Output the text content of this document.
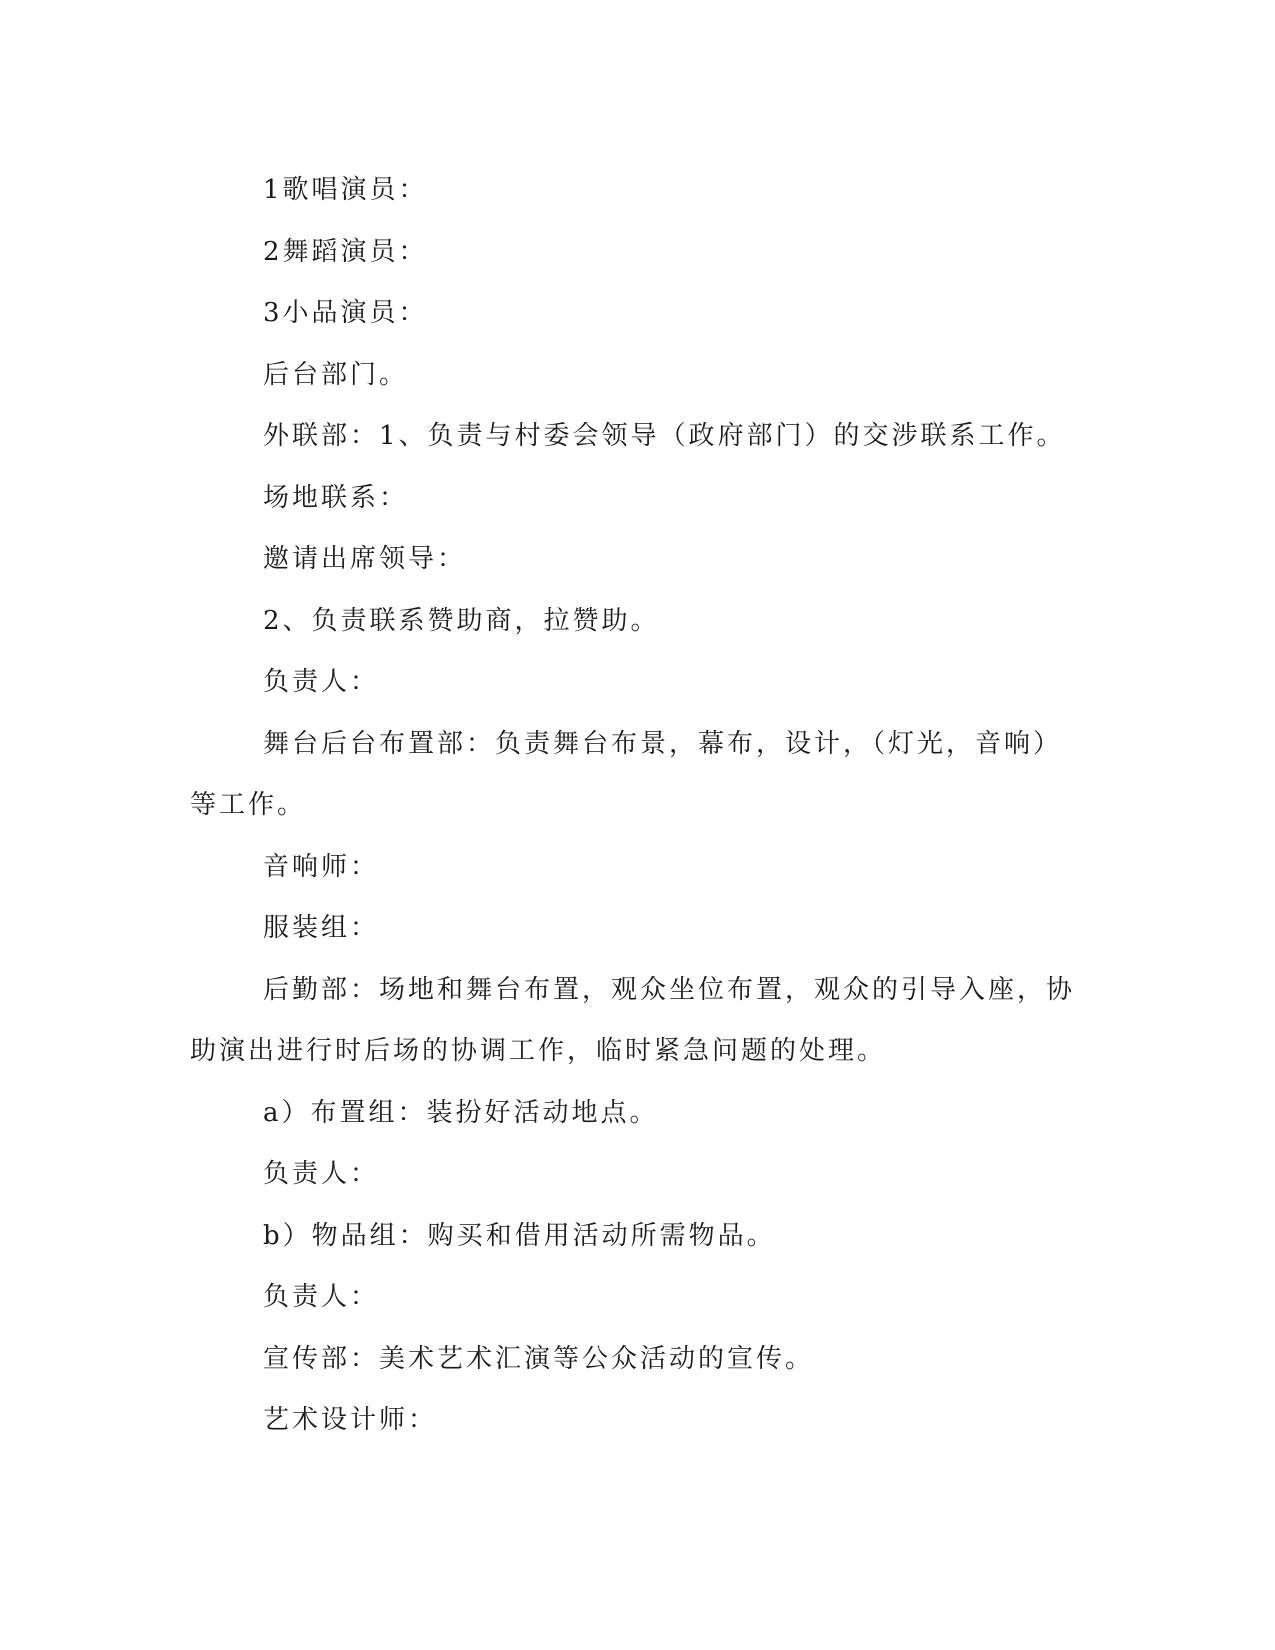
1歌唱演员：

2舞蹈演员：

3小品演员：

后台部门。

外联部：1、负责与村委会领导（政府部门）的交涉联系工作。

场地联系：

邀请出席领导：

2、负责联系赞助商，拉赞助。

负责人：

舞台后台布置部：负责舞台布景，幕布，设计，（灯光，音响）等工作。

音响师：

服装组：

后勤部：场地和舞台布置，观众坐位布置，观众的引导入座，协助演出进行时后场的协调工作，临时紧急问题的处理。

a）布置组：装扮好活动地点。

负责人：

b）物品组：购买和借用活动所需物品。

负责人：

宣传部：美术艺术汇演等公众活动的宣传。

艺术设计师：
